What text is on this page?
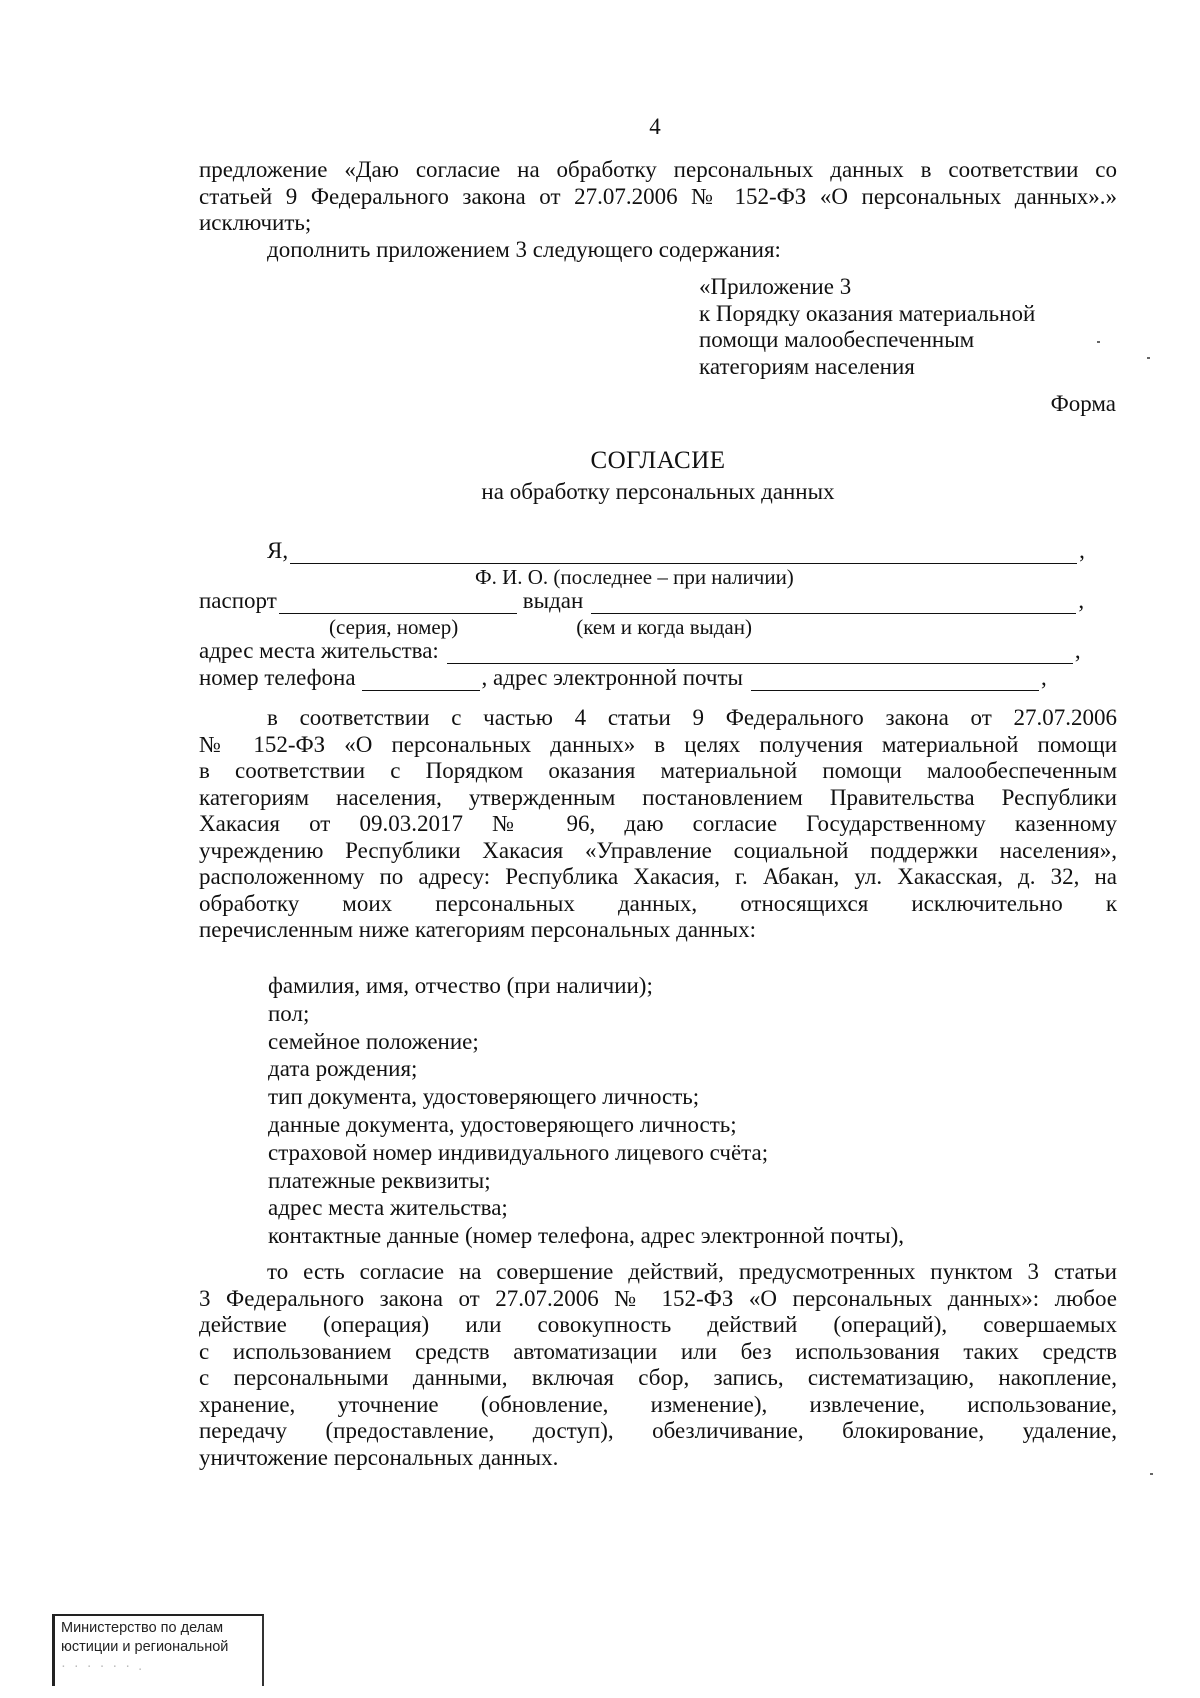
4
предложение «Даю согласие на обработку персональных данных в соответствии со
статьей 9 Федерального закона от 27.07.2006 № 152-ФЗ «О персональных данных».»
исключить;
дополнить приложением 3 следующего содержания:
«Приложение 3
к Порядку оказания материальной
помощи малообеспеченным
категориям населения
Форма
СОГЛАСИЕ
на обработку персональных данных
Я,	,
Ф. И. О. (последнее – при наличии)
паспорт	выдан	,
(серия, номер)	(кем и когда выдан)
адрес места жительства:	,
номер телефона	, адрес электронной почты	,
в соответствии с частью 4 статьи 9 Федерального закона от 27.07.2006
№ 152-ФЗ «О персональных данных» в целях получения материальной помощи
в соответствии с Порядком оказания материальной помощи малообеспеченным
категориям населения, утвержденным постановлением Правительства Республики
Хакасия от 09.03.2017 № 96, даю согласие Государственному казенному
учреждению Республики Хакасия «Управление социальной поддержки населения»,
расположенному по адресу: Республика Хакасия, г. Абакан, ул. Хакасская, д. 32, на
обработку моих персональных данных, относящихся исключительно к
перечисленным ниже категориям персональных данных:
фамилия, имя, отчество (при наличии);
пол;
семейное положение;
дата рождения;
тип документа, удостоверяющего личность;
данные документа, удостоверяющего личность;
страховой номер индивидуального лицевого счёта;
платежные реквизиты;
адрес места жительства;
контактные данные (номер телефона, адрес электронной почты),
то есть согласие на совершение действий, предусмотренных пунктом 3 статьи
3 Федерального закона от 27.07.2006 № 152-ФЗ «О персональных данных»: любое
действие (операция) или совокупность действий (операций), совершаемых
с использованием средств автоматизации или без использования таких средств
с персональными данными, включая сбор, запись, систематизацию, накопление,
хранение, уточнение (обновление, изменение), извлечение, использование,
передачу (предоставление, доступ), обезличивание, блокирование, удаление,
уничтожение персональных данных.
Министерство по делам
юстиции и региональной
· · · · · · .
